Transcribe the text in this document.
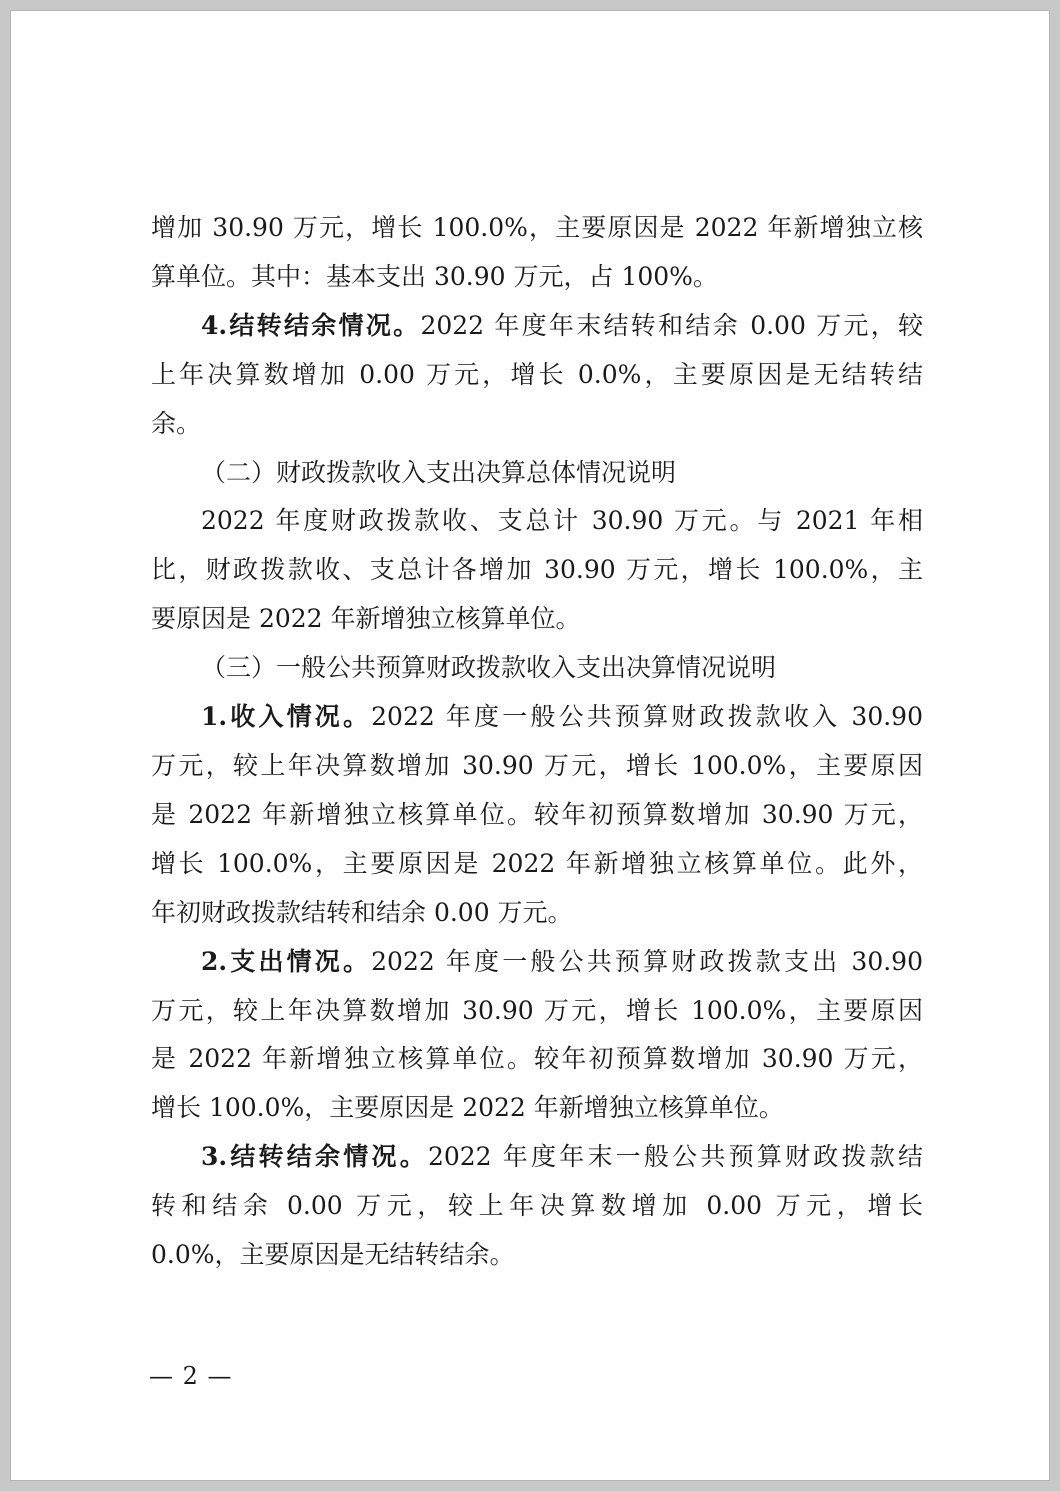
增加 30.90 万元，增长 100.0%，主要原因是 2022 年新增独立核
算单位。其中：基本支出 30.90 万元，占 100%。
4.结转结余情况。2022 年度年末结转和结余 0.00 万元，较
上年决算数增加 0.00 万元，增长 0.0%，主要原因是无结转结
余。
（二）财政拨款收入支出决算总体情况说明
2022 年度财政拨款收、支总计 30.90 万元。与 2021 年相
比，财政拨款收、支总计各增加 30.90 万元，增长 100.0%，主
要原因是 2022 年新增独立核算单位。
（三）一般公共预算财政拨款收入支出决算情况说明
1.收入情况。2022 年度一般公共预算财政拨款收入 30.90
万元，较上年决算数增加 30.90 万元，增长 100.0%，主要原因
是 2022 年新增独立核算单位。较年初预算数增加 30.90 万元，
增长 100.0%，主要原因是 2022 年新增独立核算单位。此外，
年初财政拨款结转和结余 0.00 万元。
2.支出情况。2022 年度一般公共预算财政拨款支出 30.90
万元，较上年决算数增加 30.90 万元，增长 100.0%，主要原因
是 2022 年新增独立核算单位。较年初预算数增加 30.90 万元，
增长 100.0%，主要原因是 2022 年新增独立核算单位。
3.结转结余情况。2022 年度年末一般公共预算财政拨款结
转和结余 0.00 万元，较上年决算数增加 0.00 万元，增长
0.0%，主要原因是无结转结余。
— 2 —
